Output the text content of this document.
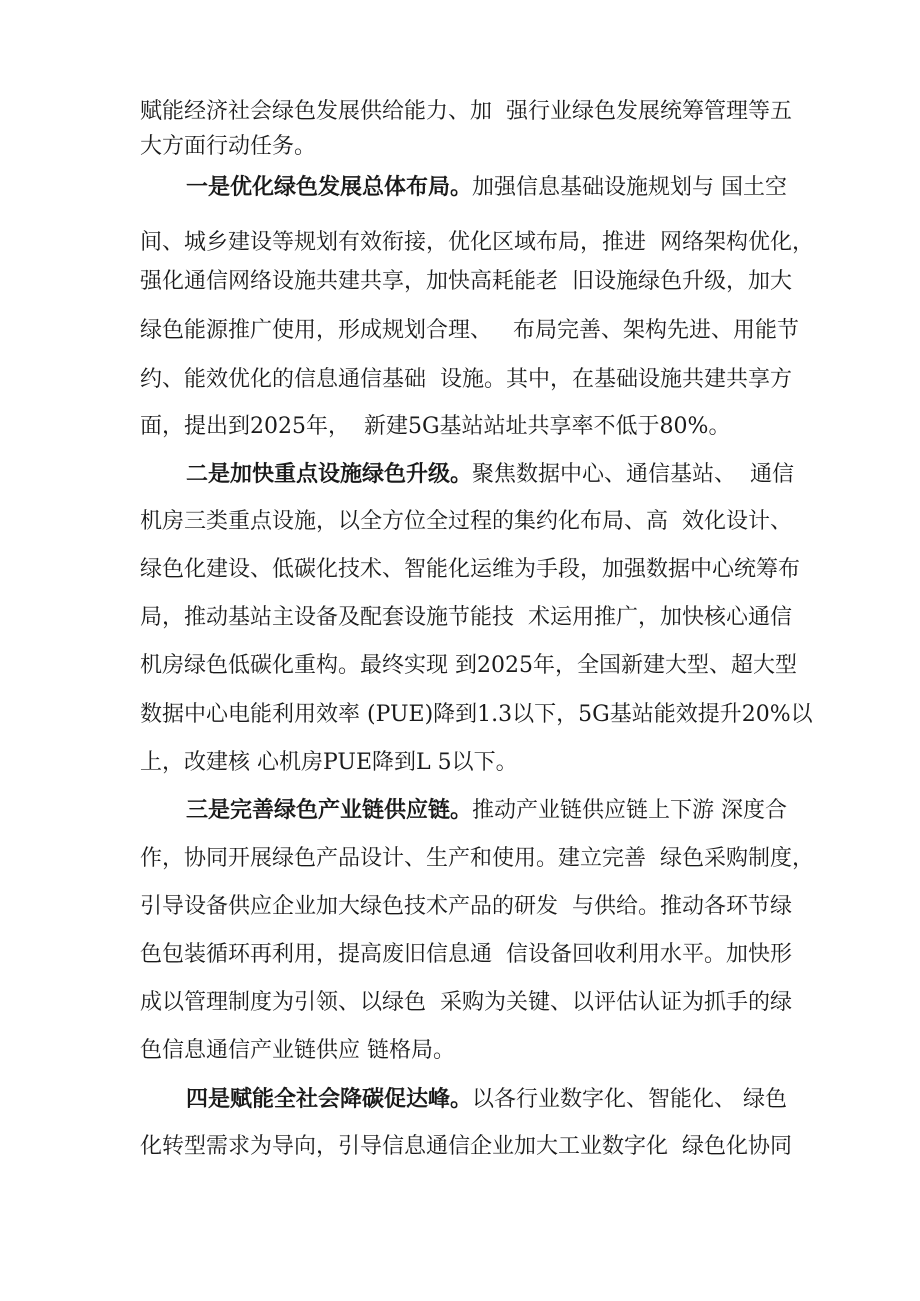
赋能经济社会绿色发展供给能力、加  强行业绿色发展统筹管理等五
大方面行动任务。
一是优化绿色发展总体布局。加强信息基础设施规划与 国土空
间、城乡建设等规划有效衔接，优化区域布局，推进  网络架构优化，
强化通信网络设施共建共享，加快高耗能老  旧设施绿色升级，加大
绿色能源推广使用，形成规划合理、   布局完善、架构先进、用能节
约、能效优化的信息通信基础  设施。其中，在基础设施共建共享方
面，提出到2025年，  新建5G基站站址共享率不低于80%。
二是加快重点设施绿色升级。聚焦数据中心、通信基站、  通信
机房三类重点设施，以全方位全过程的集约化布局、高  效化设计、
绿色化建设、低碳化技术、智能化运维为手段，加强数据中心统筹布
局，推动基站主设备及配套设施节能技  术运用推广，加快核心通信
机房绿色低碳化重构。最终实现 到2025年，全国新建大型、超大型
数据中心电能利用效率 (PUE)降到1.3以下，5G基站能效提升20%以
上，改建核 心机房PUE降到L 5以下。
三是完善绿色产业链供应链。推动产业链供应链上下游 深度合
作，协同开展绿色产品设计、生产和使用。建立完善  绿色采购制度，
引导设备供应企业加大绿色技术产品的研发  与供给。推动各环节绿
色包装循环再利用，提高废旧信息通  信设备回收利用水平。加快形
成以管理制度为引领、以绿色  采购为关键、以评估认证为抓手的绿
色信息通信产业链供应 链格局。
四是赋能全社会降碳促达峰。以各行业数字化、智能化、 绿色
化转型需求为导向，引导信息通信企业加大工业数字化  绿色化协同
